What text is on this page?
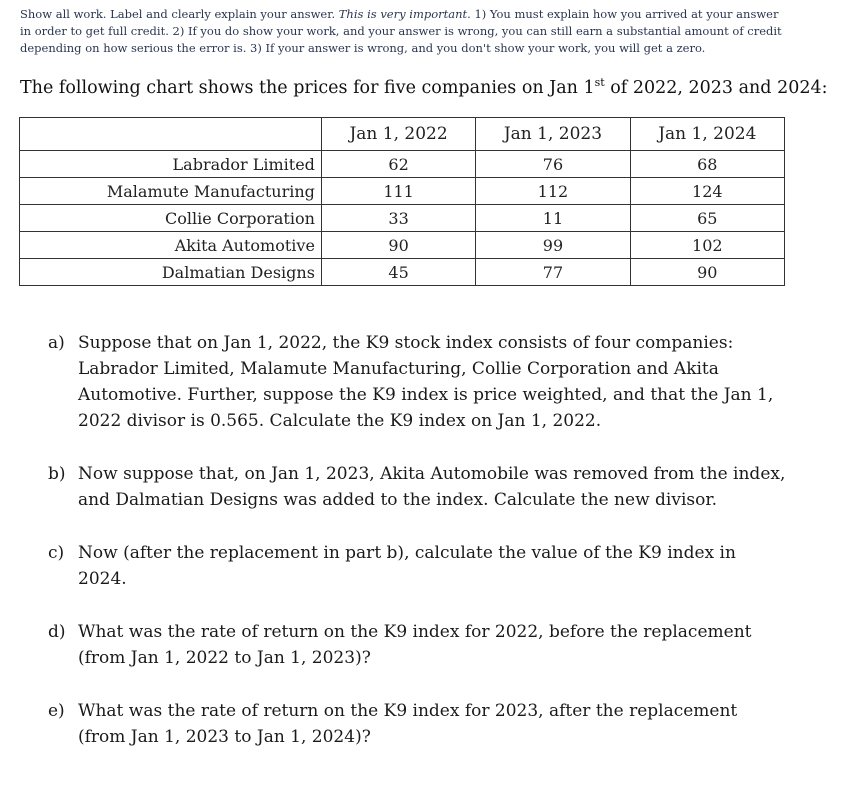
Show all work. Label and clearly explain your answer. This is very important. 1) You must explain how you arrived at your answer in order to get full credit. 2) If you do show your work, and your answer is wrong, you can still earn a substantial amount of credit depending on how serious the error is. 3) If your answer is wrong, and you don't show your work, you will get a zero.
The following chart shows the prices for five companies on Jan 1st of 2022, 2023 and 2024:
	Jan 1, 2022	Jan 1, 2023	Jan 1, 2024
Labrador Limited	62	76	68
Malamute Manufacturing	111	112	124
Collie Corporation	33	11	65
Akita Automotive	90	99	102
Dalmatian Designs	45	77	90
a) Suppose that on Jan 1, 2022, the K9 stock index consists of four companies: Labrador Limited, Malamute Manufacturing, Collie Corporation and Akita Automotive. Further, suppose the K9 index is price weighted, and that the Jan 1, 2022 divisor is 0.565. Calculate the K9 index on Jan 1, 2022.
b) Now suppose that, on Jan 1, 2023, Akita Automobile was removed from the index, and Dalmatian Designs was added to the index. Calculate the new divisor.
c) Now (after the replacement in part b), calculate the value of the K9 index in 2024.
d) What was the rate of return on the K9 index for 2022, before the replacement (from Jan 1, 2022 to Jan 1, 2023)?
e) What was the rate of return on the K9 index for 2023, after the replacement (from Jan 1, 2023 to Jan 1, 2024)?
